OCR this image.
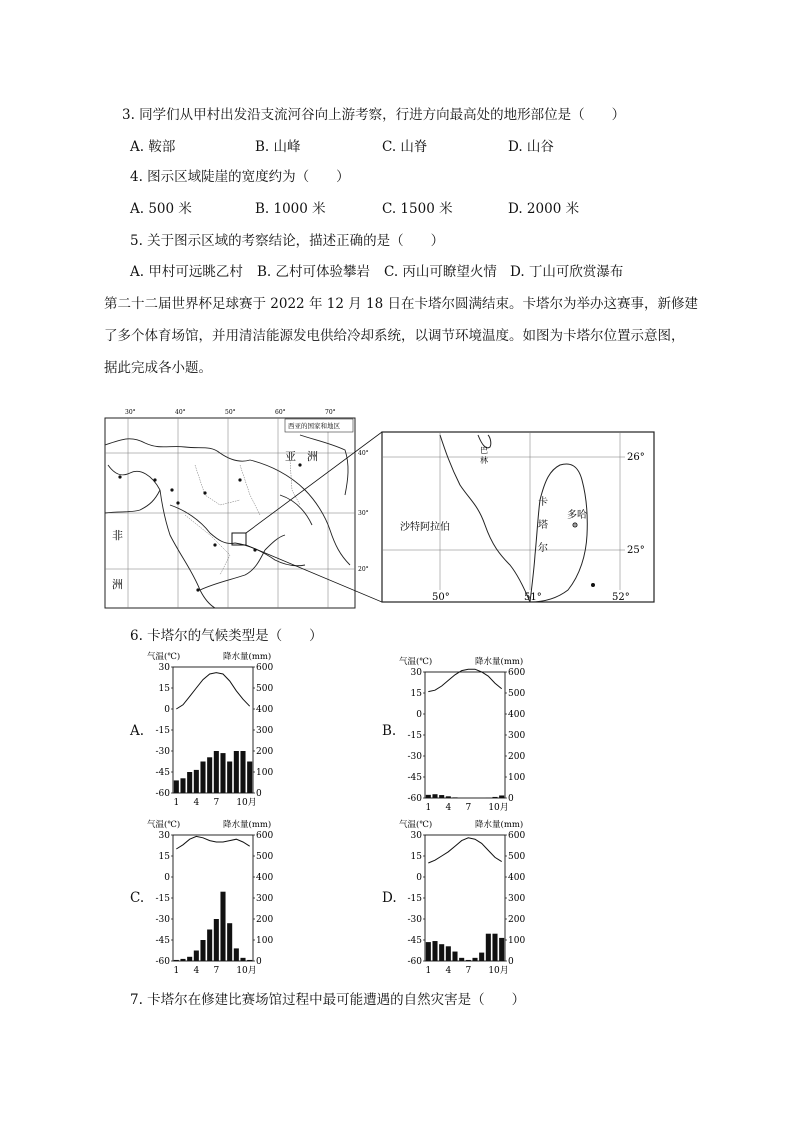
3. 同学们从甲村出发沿支流河谷向上游考察，行进方向最高处的地形部位是（　　）
A. 鞍部	B. 山峰	C. 山脊	D. 山谷
4. 图示区域陡崖的宽度约为（　　）
A. 500 米	B. 1000 米	C. 1500 米	D. 2000 米
5. 关于图示区域的考察结论，描述正确的是（　　）
A. 甲村可远眺乙村 B. 乙村可体验攀岩 C. 丙山可瞭望火情 D. 丁山可欣赏瀑布
第二十二届世界杯足球赛于 2022 年 12 月 18 日在卡塔尔圆满结束。卡塔尔为举办这赛事，新修建
了多个体育场馆，并用清洁能源发电供给冷却系统，以调节环境温度。如图为卡塔尔位置示意图，
据此完成各小题。
30°	40°	50°	60°	70°
40°
30°
20°
西亚的国家和地区
亚　洲
非
洲
26°
25°
50°	51°	52°
巴
林
沙特阿拉伯
卡
塔
尔
多哈
6. 卡塔尔的气候类型是（　　）
A.	B.
C.	D.
气温(℃)	降水量(mm)
30
15
0
-15
-30
-45
-60
600
500
400
300
200
100
0
1 4 7 10月
气温(℃)	降水量(mm)
30
15
0
-15
-30
-45
-60
600
500
400
300
200
100
0
1 4 7 10月
气温(℃)	降水量(mm)
30
15
0
-15
-30
-45
-60
600
500
400
300
200
100
0
1 4 7 10月
气温(℃)	降水量(mm)
30
15
0
-15
-30
-45
-60
600
500
400
300
200
100
0
1 4 7 10月
7. 卡塔尔在修建比赛场馆过程中最可能遭遇的自然灾害是（　　）
